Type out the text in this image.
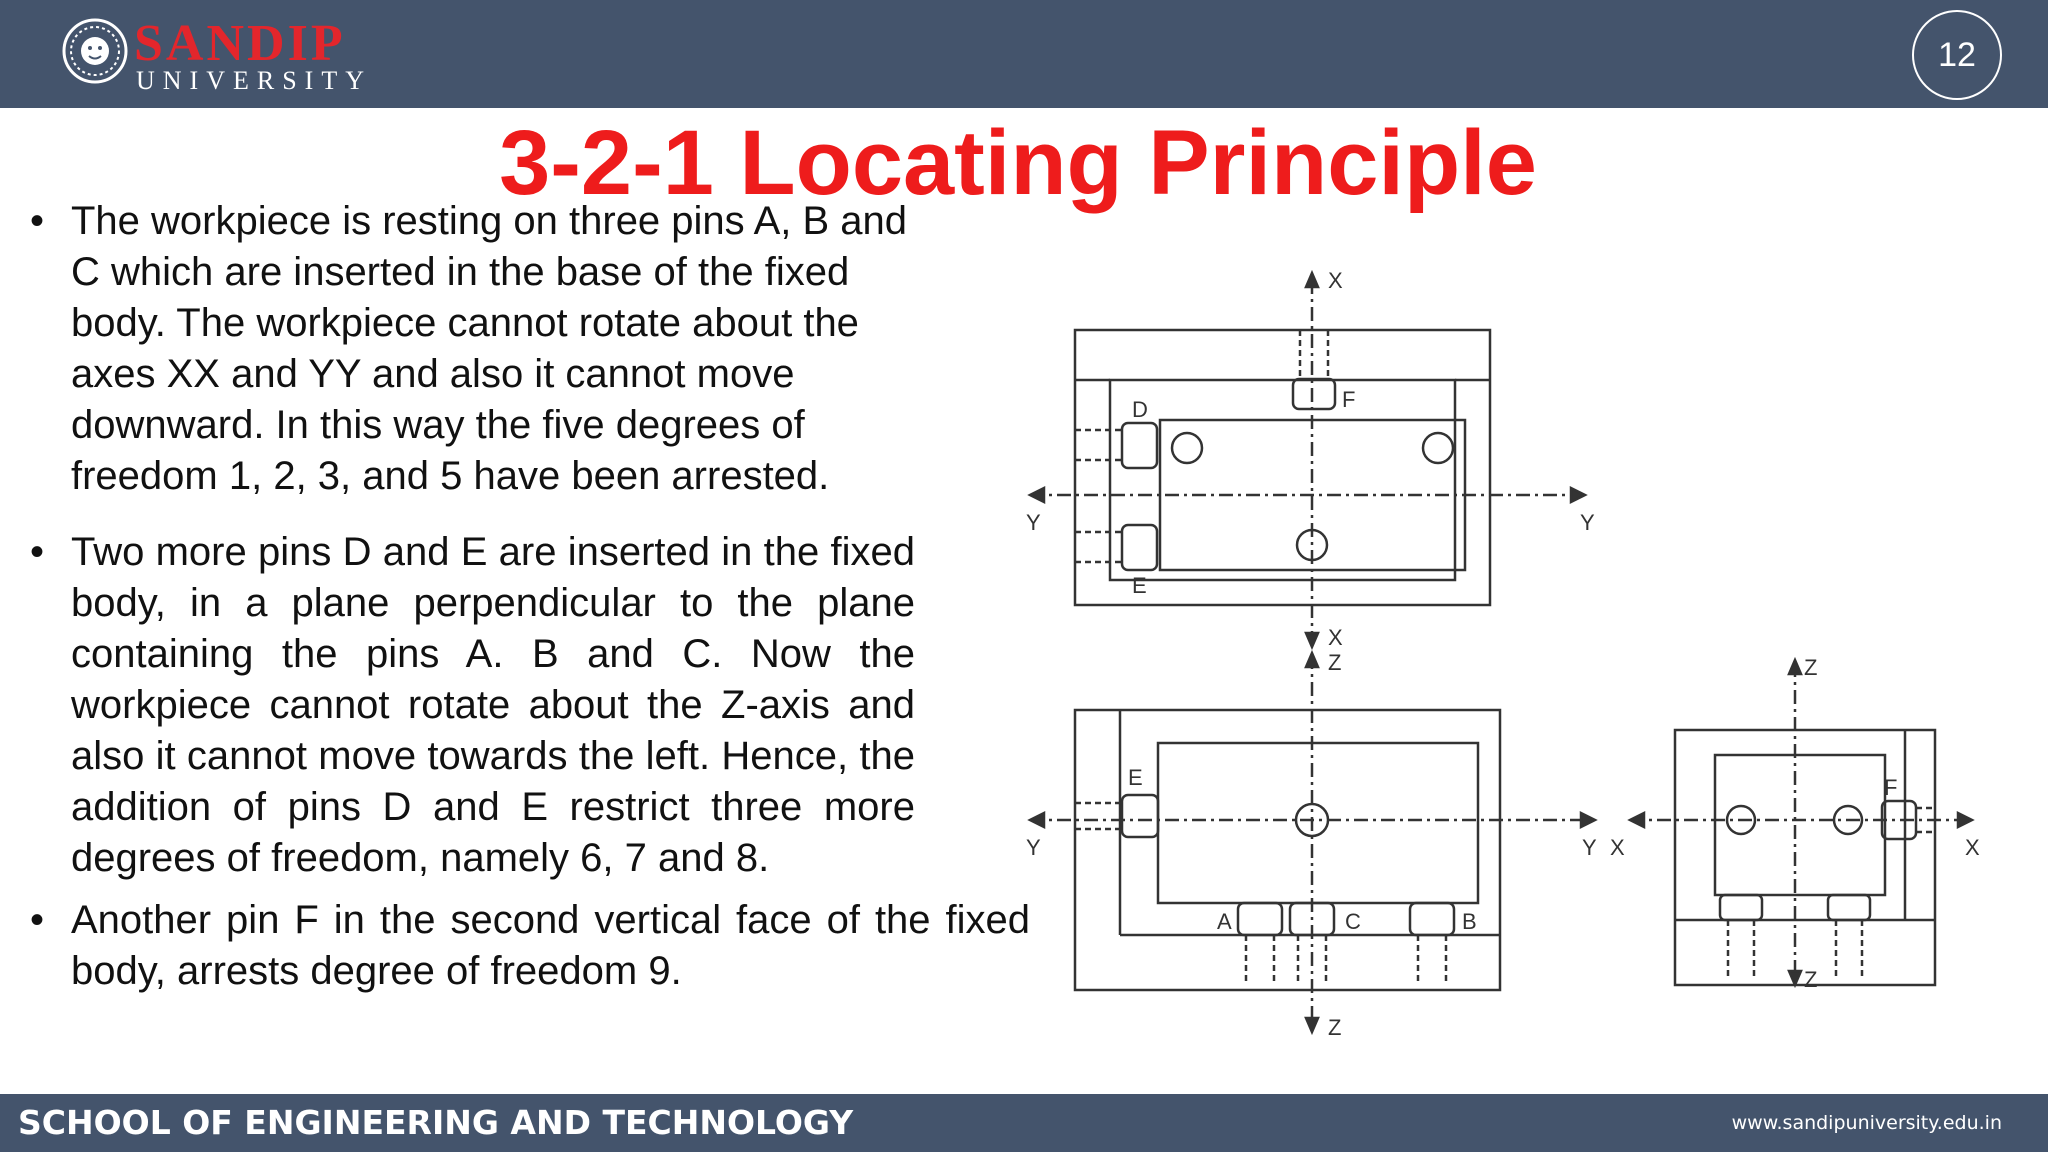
SANDIP
UNIVERSITY
12
3-2-1 Locating Principle
• The workpiece is resting on three pins A, B and C which are inserted in the base of the fixed body. The workpiece cannot rotate about the axes XX and YY and also it cannot move downward. In this way the five degrees of freedom 1, 2, 3, and 5 have been arrested.
• Two more pins D and E are inserted in the fixed body, in a plane perpendicular to the plane containing the pins A. B and C. Now the workpiece cannot rotate about the Z-axis and also it cannot move towards the left. Hence, the addition of pins D and E restrict three more degrees of freedom, namely 6, 7 and 8.
• Another pin F in the second vertical face of the fixed body, arrests degree of freedom 9.
X
Y	Y
X
F
D
E
Z
Y	Y
Z
E
A	C	B
Z
X	X
Z
F
SCHOOL OF ENGINEERING AND TECHNOLOGY	www.sandipuniversity.edu.in
